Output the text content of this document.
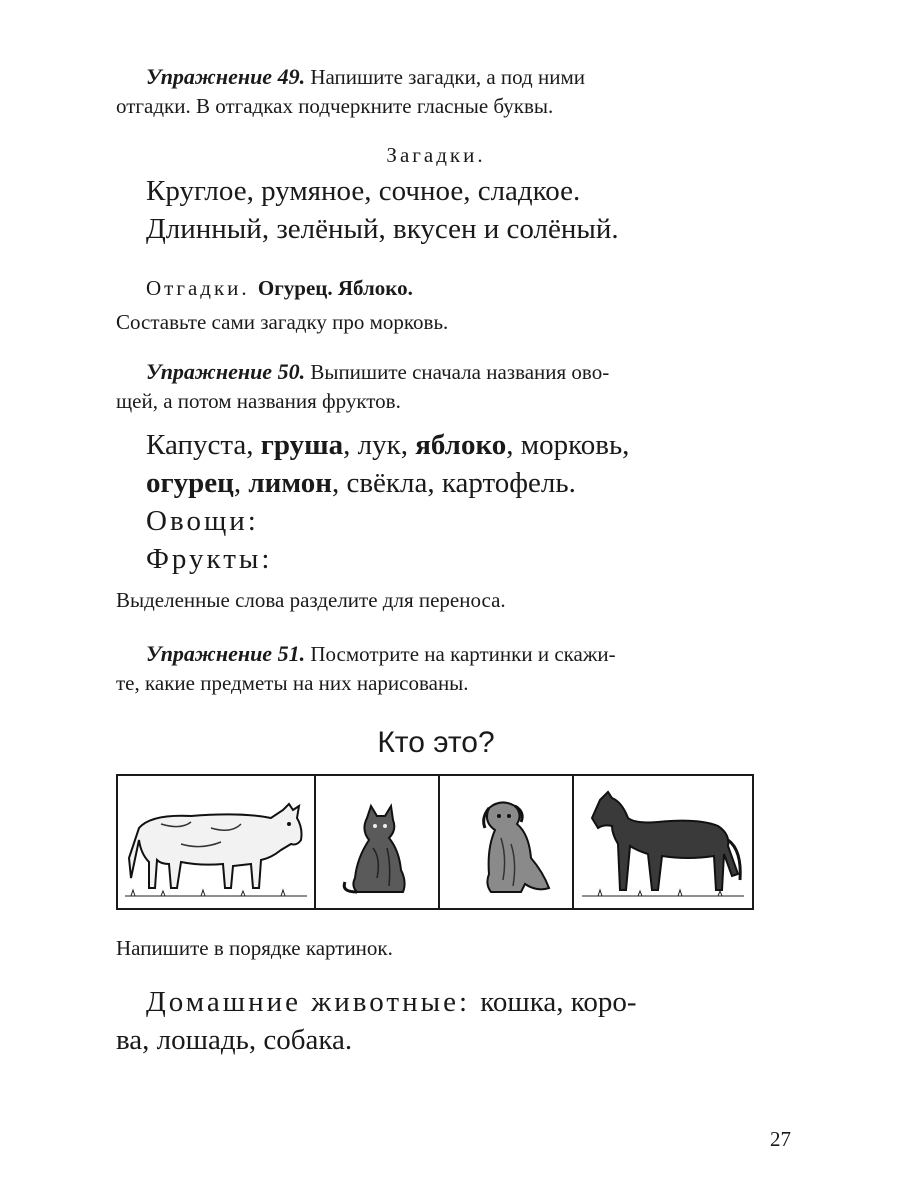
Упражнение 49. Напишите загадки, а под ними

отгадки. В отгадках подчеркните гласные буквы.

Загадки.

Круглое, румяное, сочное, сладкое.

Длинный, зелёный, вкусен и солёный.

Отгадки. Огурец. Яблоко.

Составьте сами загадку про морковь.

Упражнение 50. Выпишите сначала названия ово-

щей, а потом названия фруктов.

Капуста, груша, лук, яблоко, морковь,

огурец, лимон, свёкла, картофель.

Овощи:

Фрукты:

Выделенные слова разделите для переноса.

Упражнение 51. Посмотрите на картинки и скажи-

те, какие предметы на них нарисованы.

Кто это?

Напишите в порядке картинок.

Домашние животные: кошка, коро-

ва, лошадь, собака.

27
